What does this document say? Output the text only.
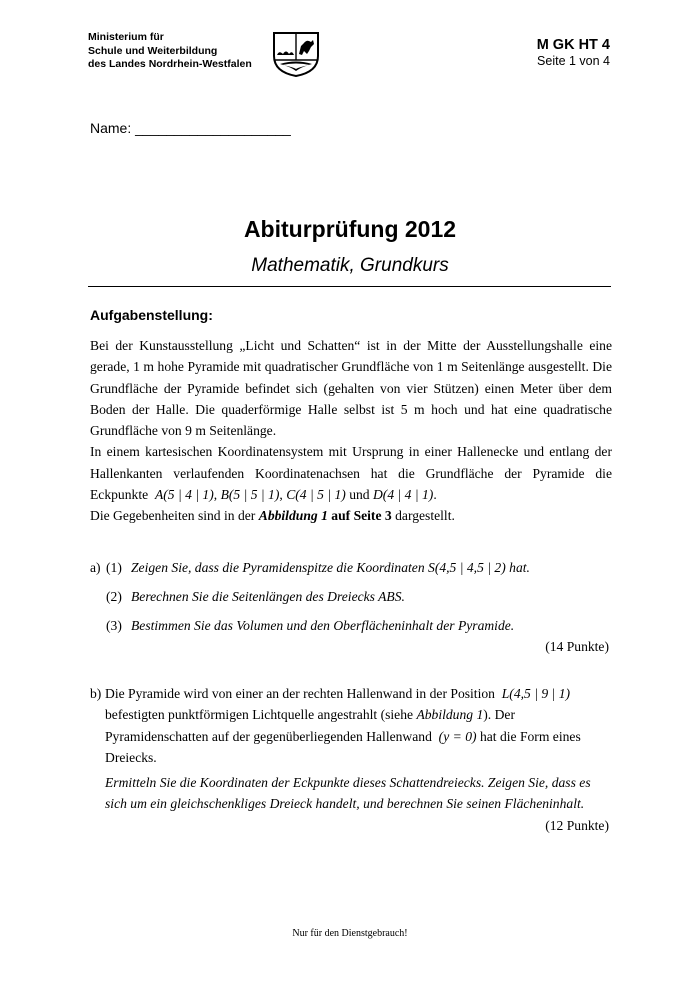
Ministerium für
Schule und Weiterbildung
des Landes Nordrhein-Westfalen
M GK HT 4
Seite 1 von 4
Name: ____________________
Abiturprüfung 2012
Mathematik, Grundkurs
Aufgabenstellung:

Bei der Kunstausstellung „Licht und Schatten“ ist in der Mitte der Ausstellungshalle eine gerade, 1 m hohe Pyramide mit quadratischer Grundfläche von 1 m Seitenlänge ausgestellt. Die Grundfläche der Pyramide befindet sich (gehalten von vier Stützen) einen Meter über dem Boden der Halle. Die quaderförmige Halle selbst ist 5 m hoch und hat eine quadratische Grundfläche von 9 m Seitenlänge.

In einem kartesischen Koordinatensystem mit Ursprung in einer Hallenecke und entlang der Hallenkanten verlaufenden Koordinatenachsen hat die Grundfläche der Pyramide die Eckpunkte A(5 | 4 | 1), B(5 | 5 | 1), C(4 | 5 | 1) und D(4 | 4 | 1).

Die Gegebenheiten sind in der Abbildung 1 auf Seite 3 dargestellt.

a) (1) Zeigen Sie, dass die Pyramidenspitze die Koordinaten S(4,5 | 4,5 | 2) hat.
(2) Berechnen Sie die Seitenlängen des Dreiecks ABS.
(3) Bestimmen Sie das Volumen und den Oberflächeninhalt der Pyramide.
(14 Punkte)
b) Die Pyramide wird von einer an der rechten Hallenwand in der Position L(4,5 | 9 | 1) befestigten punktförmigen Lichtquelle angestrahlt (siehe Abbildung 1). Der Pyramidenschatten auf der gegenüberliegenden Hallenwand (y = 0) hat die Form eines Dreiecks.
Ermitteln Sie die Koordinaten der Eckpunkte dieses Schattendreiecks. Zeigen Sie, dass es sich um ein gleichschenkliges Dreieck handelt, und berechnen Sie seinen Flächeninhalt.
(12 Punkte)
Nur für den Dienstgebrauch!
